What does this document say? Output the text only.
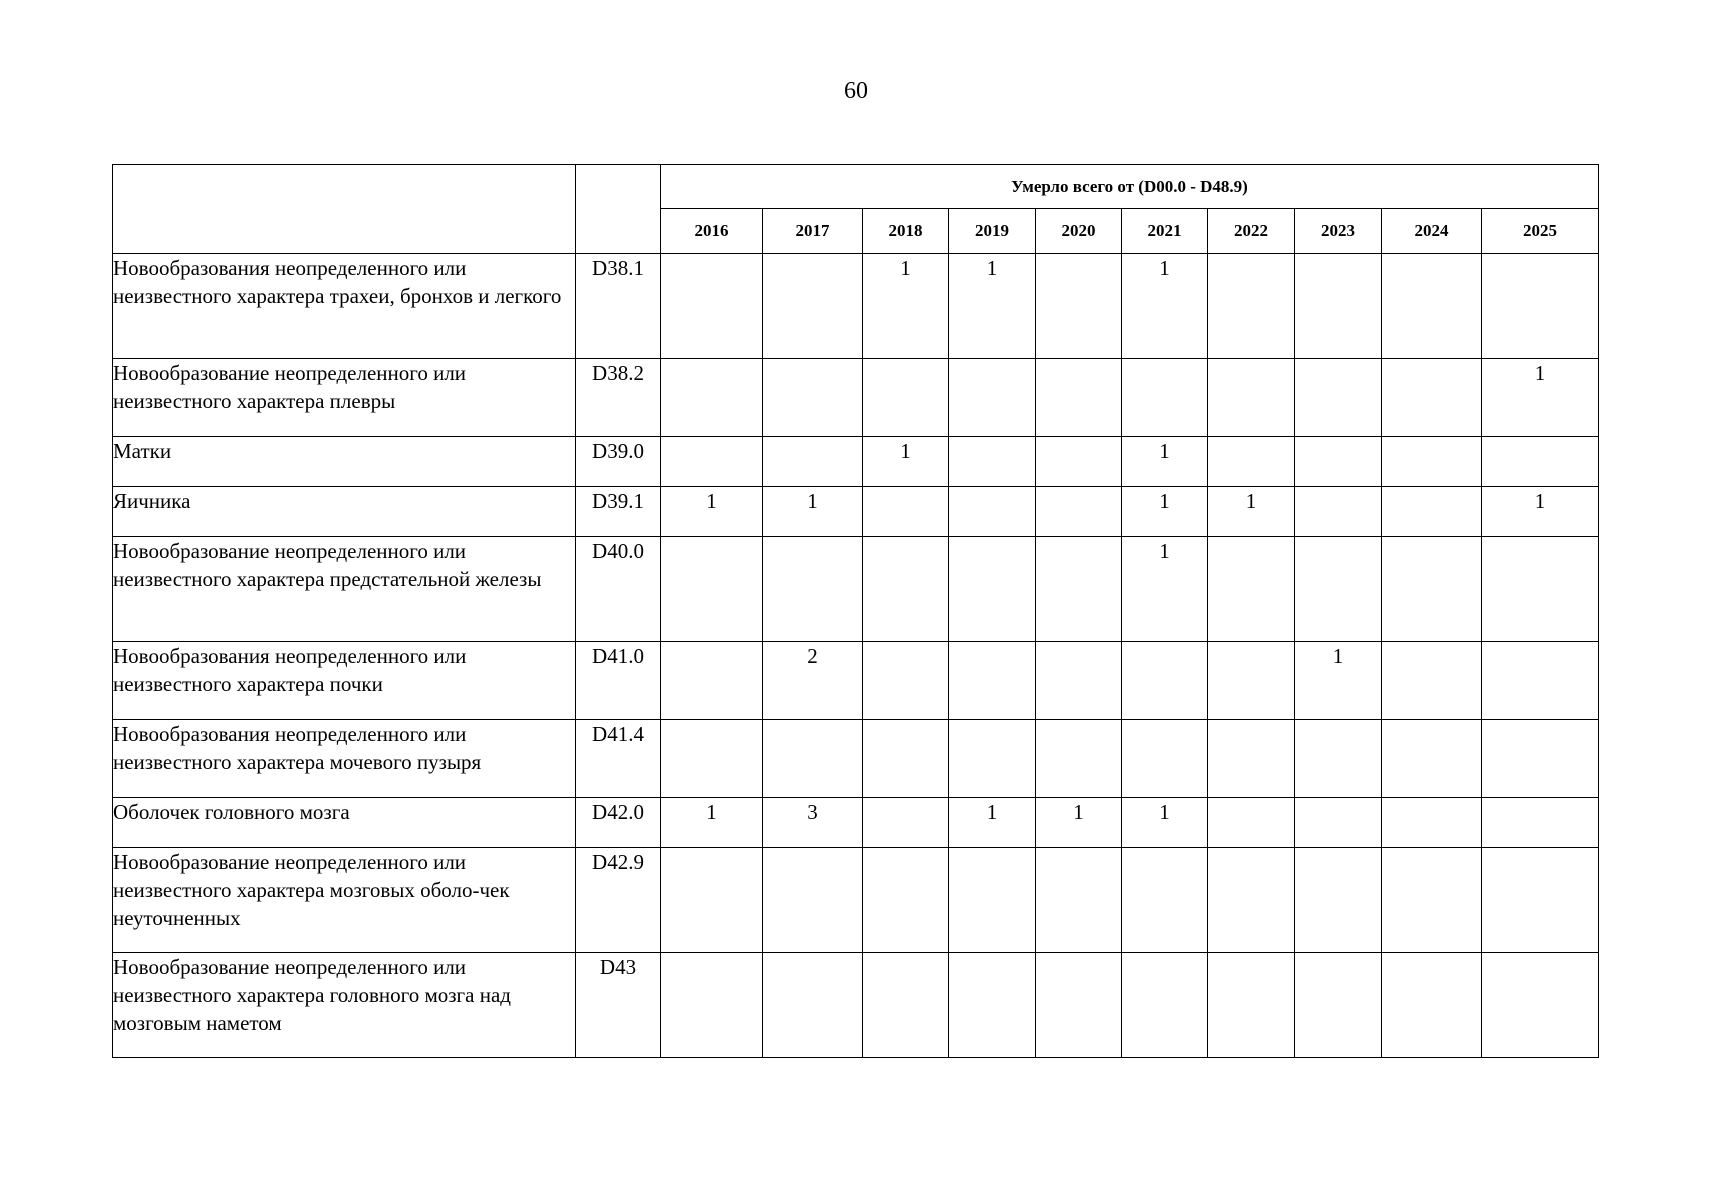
60
		Умерло всего от (D00.0 - D48.9)									
		2016	2017	2018	2019	2020	2021	2022	2023	2024	2025
Новообразования неопределенного или неизвестного характера трахеи, бронхов и легкого	D38.1			1	1		1				
Новообразование неопределенного или неизвестного характера плевры	D38.2										1
Матки	D39.0			1			1				
Яичника	D39.1	1	1				1	1			1
Новообразование неопределенного или неизвестного характера предстательной железы	D40.0						1				
Новообразования неопределенного или неизвестного характера почки	D41.0		2						1		
Новообразования неопределенного или неизвестного характера мочевого пузыря	D41.4										
Оболочек головного мозга	D42.0	1	3		1	1	1				
Новообразование неопределенного или неизвестного характера мозговых оболо-чек неуточненных	D42.9										
Новообразование неопределенного или неизвестного характера головного мозга над мозговым наметом	D43										
